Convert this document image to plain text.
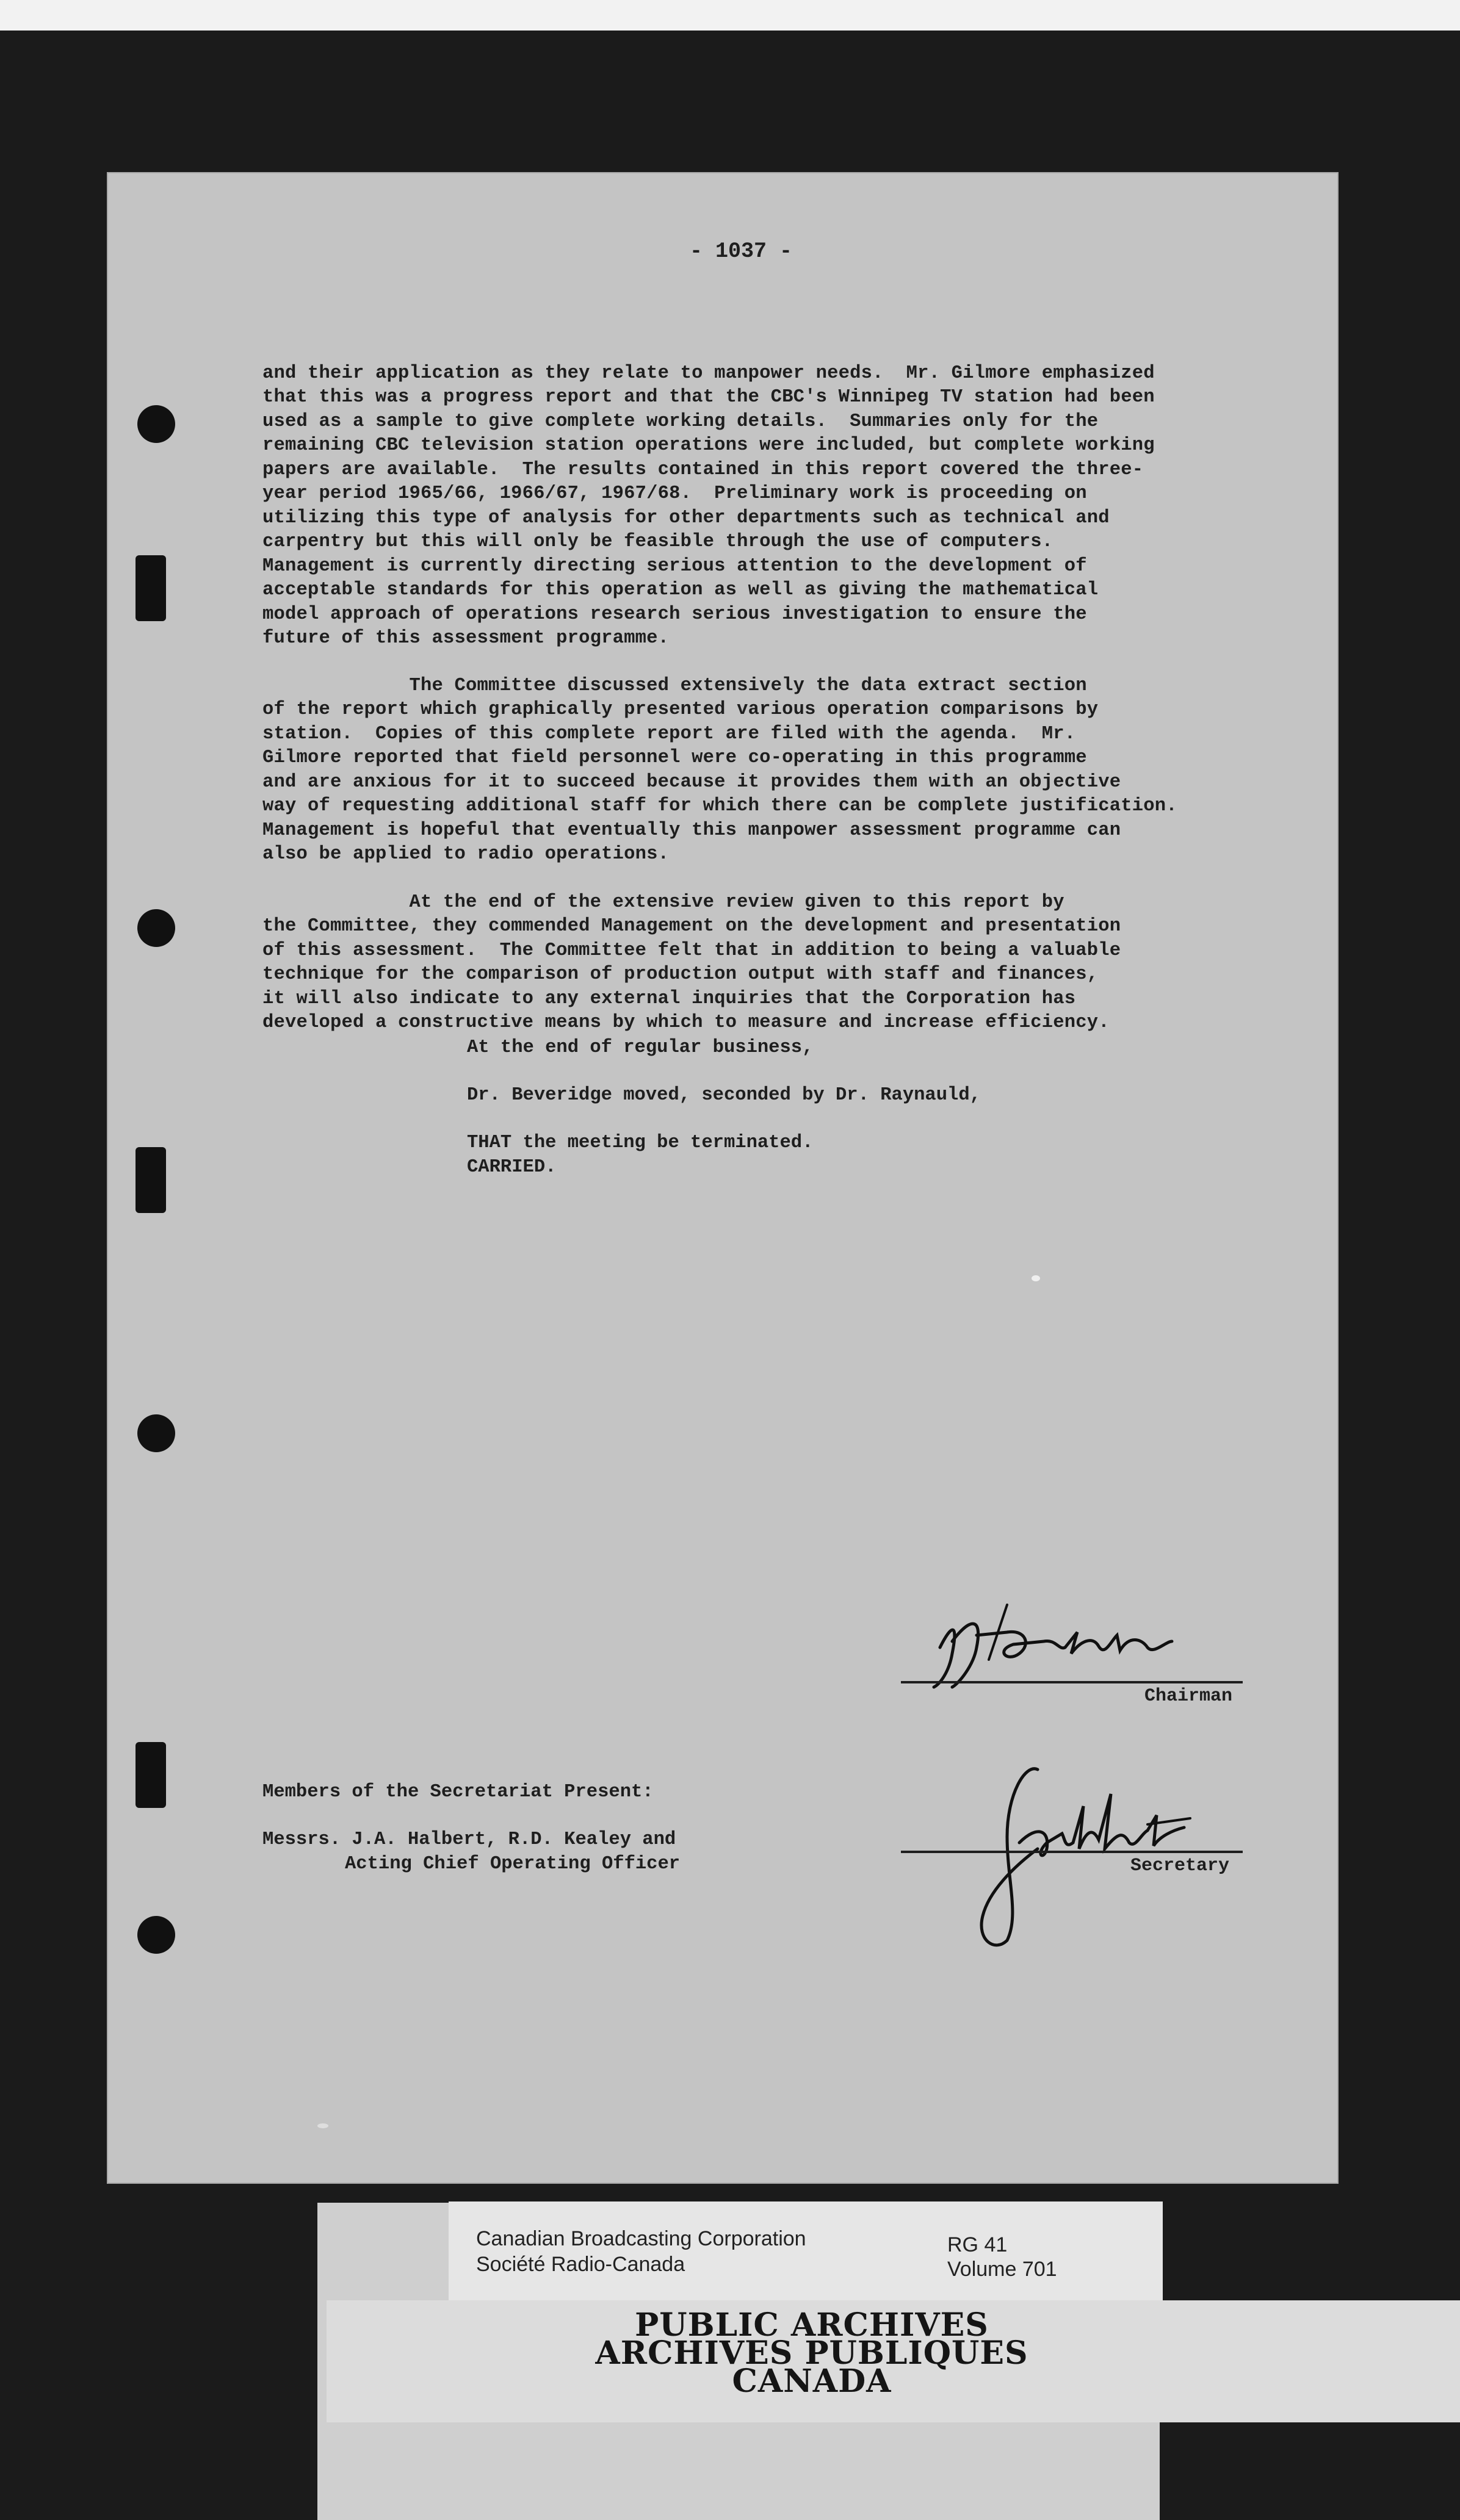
- 1037 -

and their application as they relate to manpower needs.  Mr. Gilmore emphasized
that this was a progress report and that the CBC's Winnipeg TV station had been
used as a sample to give complete working details.  Summaries only for the
remaining CBC television station operations were included, but complete working
papers are available.  The results contained in this report covered the three-
year period 1965/66, 1966/67, 1967/68.  Preliminary work is proceeding on
utilizing this type of analysis for other departments such as technical and
carpentry but this will only be feasible through the use of computers.
Management is currently directing serious attention to the development of
acceptable standards for this operation as well as giving the mathematical
model approach of operations research serious investigation to ensure the
future of this assessment programme.

The Committee discussed extensively the data extract section
of the report which graphically presented various operation comparisons by
station.  Copies of this complete report are filed with the agenda.  Mr.
Gilmore reported that field personnel were co-operating in this programme
and are anxious for it to succeed because it provides them with an objective
way of requesting additional staff for which there can be complete justification.
Management is hopeful that eventually this manpower assessment programme can
also be applied to radio operations.

At the end of the extensive review given to this report by
the Committee, they commended Management on the development and presentation
of this assessment.  The Committee felt that in addition to being a valuable
technique for the comparison of production output with staff and finances,
it will also indicate to any external inquiries that the Corporation has
developed a constructive means by which to measure and increase efficiency.

At the end of regular business,
Dr. Beveridge moved, seconded by Dr. Raynauld,
THAT the meeting be terminated.
CARRIED.
Chairman
Members of the Secretariat Present:
Messrs. J.A. Halbert, R.D. Kealey and
Acting Chief Operating Officer	Secretary
Canadian Broadcasting Corporation
Société Radio-Canada
RG 41
Volume 701
PUBLIC ARCHIVES
ARCHIVES PUBLIQUES
CANADA
